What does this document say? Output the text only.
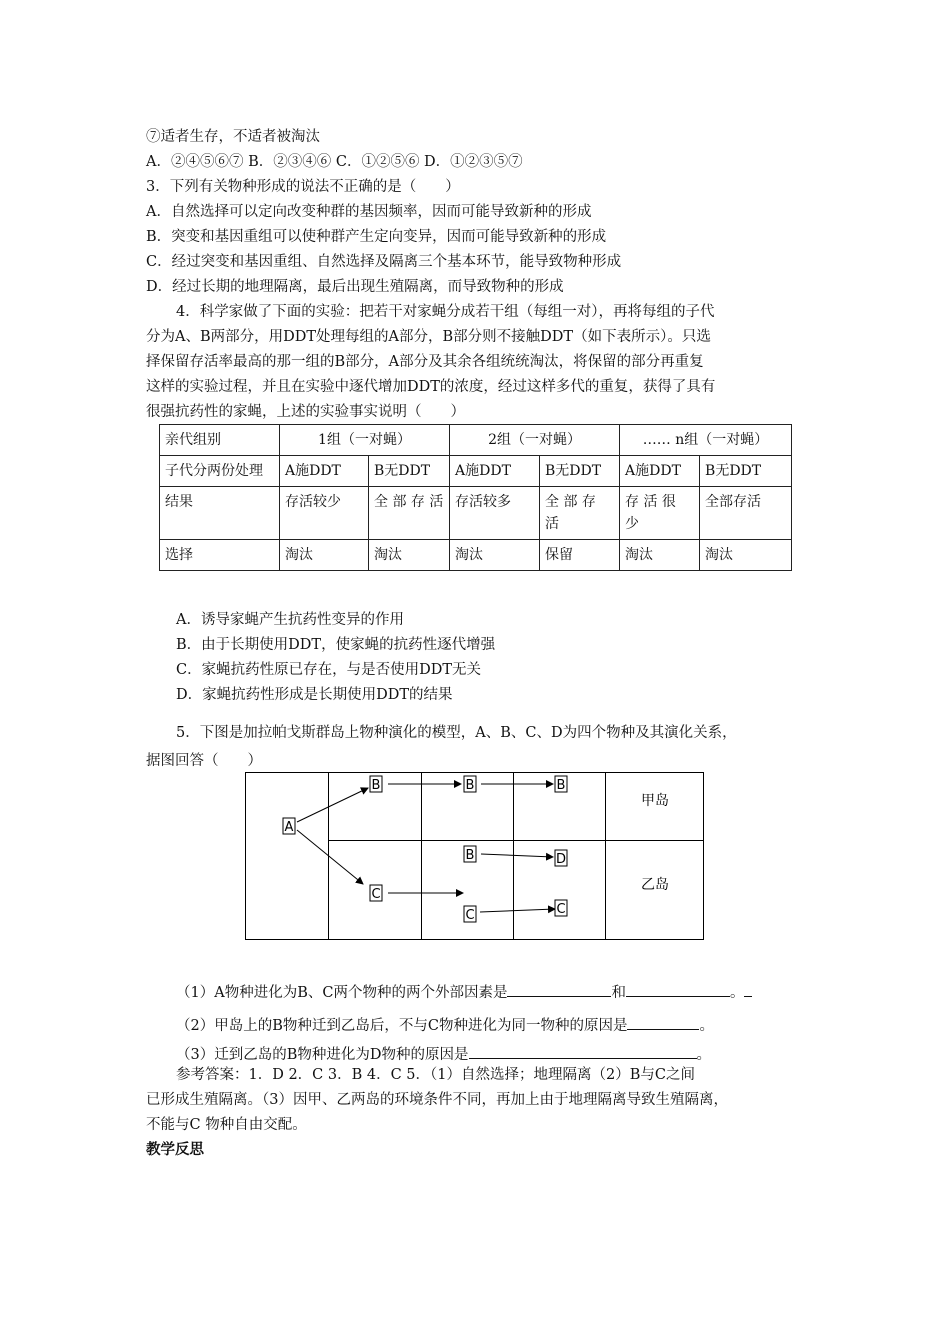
⑦适者生存，不适者被淘汰
A．②④⑤⑥⑦ B．②③④⑥ C．①②⑤⑥ D．①②③⑤⑦
3．下列有关物种形成的说法不正确的是（　　）
A．自然选择可以定向改变种群的基因频率，因而可能导致新种的形成
B．突变和基因重组可以使种群产生定向变异，因而可能导致新种的形成
C．经过突变和基因重组、自然选择及隔离三个基本环节，能导致物种形成
D．经过长期的地理隔离，最后出现生殖隔离，而导致物种的形成
4．科学家做了下面的实验：把若干对家蝇分成若干组（每组一对），再将每组的子代
分为A、B两部分，用DDT处理每组的A部分，B部分则不接触DDT（如下表所示）。只选
择保留存活率最高的那一组的B部分，A部分及其余各组统统淘汰，将保留的部分再重复
这样的实验过程，并且在实验中逐代增加DDT的浓度，经过这样多代的重复，获得了具有
很强抗药性的家蝇，上述的实验事实说明（　　）
亲代组别	1组（一对蝇）		2组（一对蝇）		…… n组（一对蝇）	
子代分两份处理	A施DDT	B无DDT	A施DDT	B无DDT	A施DDT	B无DDT
结果	存活较少	全 部 存 活	存活较多	全 部 存 活	存 活 很 少	全部存活
选择	淘汰	淘汰	淘汰	保留	淘汰	淘汰
A．诱导家蝇产生抗药性变异的作用
B．由于长期使用DDT，使家蝇的抗药性逐代增强
C．家蝇抗药性原已存在，与是否使用DDT无关
D．家蝇抗药性形成是长期使用DDT的结果
5．下图是加拉帕戈斯群岛上物种演化的模型，A、B、C、D为四个物种及其演化关系，
据图回答（　　）
A
B	B	B
C
B	D
C	C
甲岛
乙岛
（1）A物种进化为B、C两个物种的两个外部因素是	和	。
（2）甲岛上的B物种迁到乙岛后，不与C物种进化为同一物种的原因是	。
（3）迁到乙岛的B物种进化为D物种的原因是	。
参考答案：1．D 2．C 3．B 4．C 5．（1）自然选择；地理隔离（2）B与C之间
已形成生殖隔离。（3）因甲、乙两岛的环境条件不同，再加上由于地理隔离导致生殖隔离，
不能与C 物种自由交配。
教学反思
